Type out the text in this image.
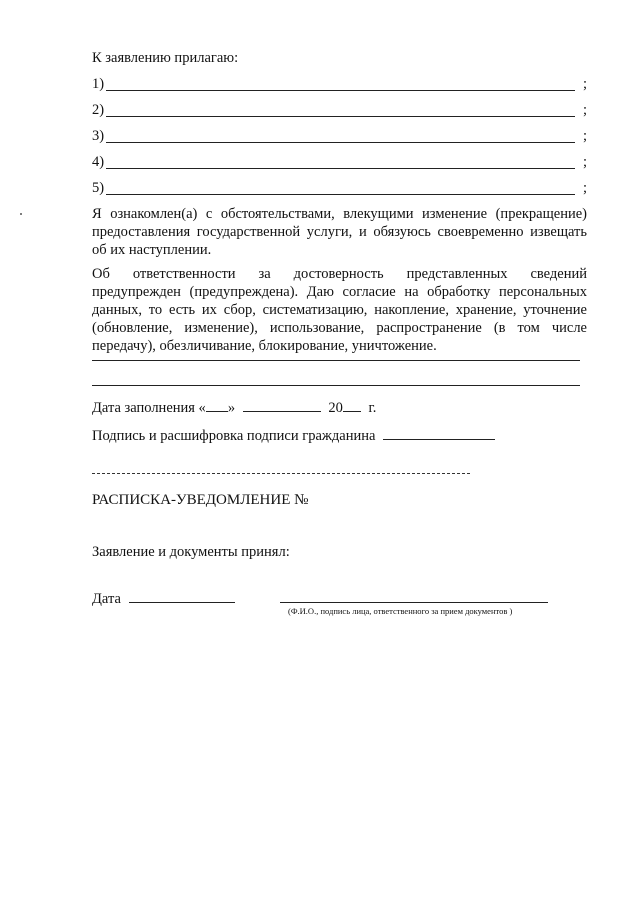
К заявлению прилагаю:
1)	;
2)	;
3)	;
4)	;
5)	;

Я ознакомлен(а) с обстоятельствами, влекущими изменение (прекращение) предоставления государственной услуги, и обязуюсь своевременно извещать об их наступлении.

Об ответственности за достоверность представленных сведений

предупрежден (предупреждена). Даю согласие на обработку персональных данных, то есть их сбор, систематизацию, накопление, хранение, уточнение (обновление, изменение), использование, распространение (в том числе передачу), обезличивание, блокирование, уничтожение.

Дата заполнения « »	20 г.
Подпись и расшифровка подписи гражданина
РАСПИСКА-УВЕДОМЛЕНИЕ №
Заявление и документы принял:
Дата
(Ф.И.О., подпись лица, ответственного за прием документов )
